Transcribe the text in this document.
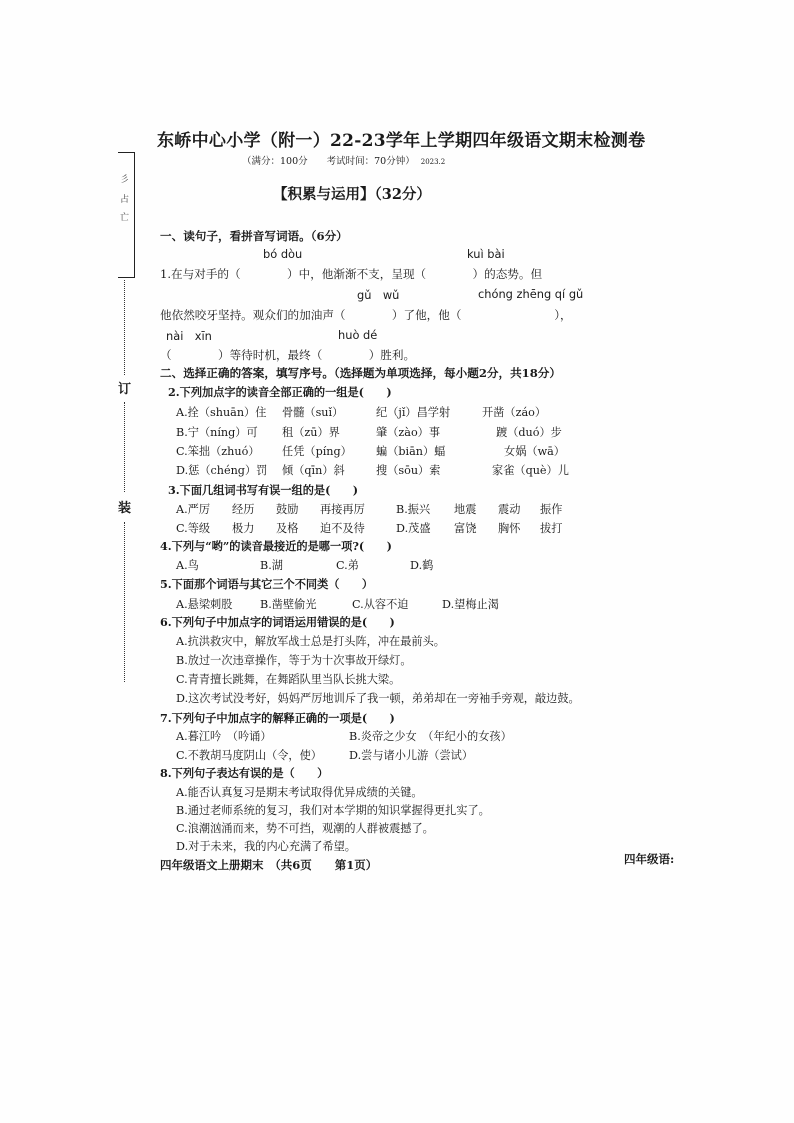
彡
占
亡
订
装
东峤中心小学（附一）22-23学年上学期四年级语文期末检测卷
（满分：100分　　考试时间：70分钟） 2023.2
【积累与运用】（32分）
一、读句子，看拼音写词语。（6分）
bó dòu	kuì bài
1.在与对手的（　　　　）中，他渐渐不支，呈现（　　　　）的态势。但
gǔ　wǔ	chóng zhēng qí gǔ
他依然咬牙坚持。观众们的加油声（　　　　）了他，他（　　　　　　　　），
nài　xīn	huò dé
（　　　　）等待时机，最终（　　　　）胜利。
二、选择正确的答案，填写序号。（选择题为单项选择，每小题2分，共18分）
2.下列加点字的读音全部正确的一组是(　　)
A.拴（shuān）住 骨髓（suǐ）	纪（jǐ）昌学射	开凿（záo）
B.宁（níng）可 租（zū）界	肇（zào）事	踱（duó）步
C.笨拙（zhuó） 任凭（píng） 蝙（biān）蝠	女娲（wā）
D.惩（chéng）罚 倾（qīn）斜	搜（sōu）索	家雀（què）儿
3.下面几组词书写有误一组的是(　　)
A.严厉 经历 鼓励 再接再厉	B.振兴 地震 震动 振作
C.等级 极力 及格 迫不及待	D.茂盛 富饶 胸怀 拔打
4.下列与“哟”的读音最接近的是哪一项?(　　)
A.鸟	B.湖	C.弟	D.鹤
5.下面那个词语与其它三个不同类（　　）
A.悬梁刺股 B.凿壁偷光	C.从容不迫	D.望梅止渴
6.下列句子中加点字的词语运用错误的是(　　)
A.抗洪救灾中，解放军战士总是打头阵，冲在最前头。
B.放过一次违章操作，等于为十次事故开绿灯。
C.青青擅长跳舞，在舞蹈队里当队长挑大梁。
D.这次考试没考好，妈妈严厉地训斥了我一顿，弟弟却在一旁袖手旁观，敲边鼓。
7.下列句子中加点字的解释正确的一项是(　　)
A.暮江吟　（吟诵）	B.炎帝之少女　（年纪小的女孩）
C.不教胡马度阴山（令，使） D.尝与诸小儿游（尝试）
8.下列句子表达有误的是（　　）
A.能否认真复习是期末考试取得优异成绩的关键。
B.通过老师系统的复习，我们对本学期的知识掌握得更扎实了。
C.浪潮汹涌而来，势不可挡，观潮的人群被震撼了。
D.对于未来，我的内心充满了希望。
四年级语文上册期末　（共6页　　第1页）	四年级语:
